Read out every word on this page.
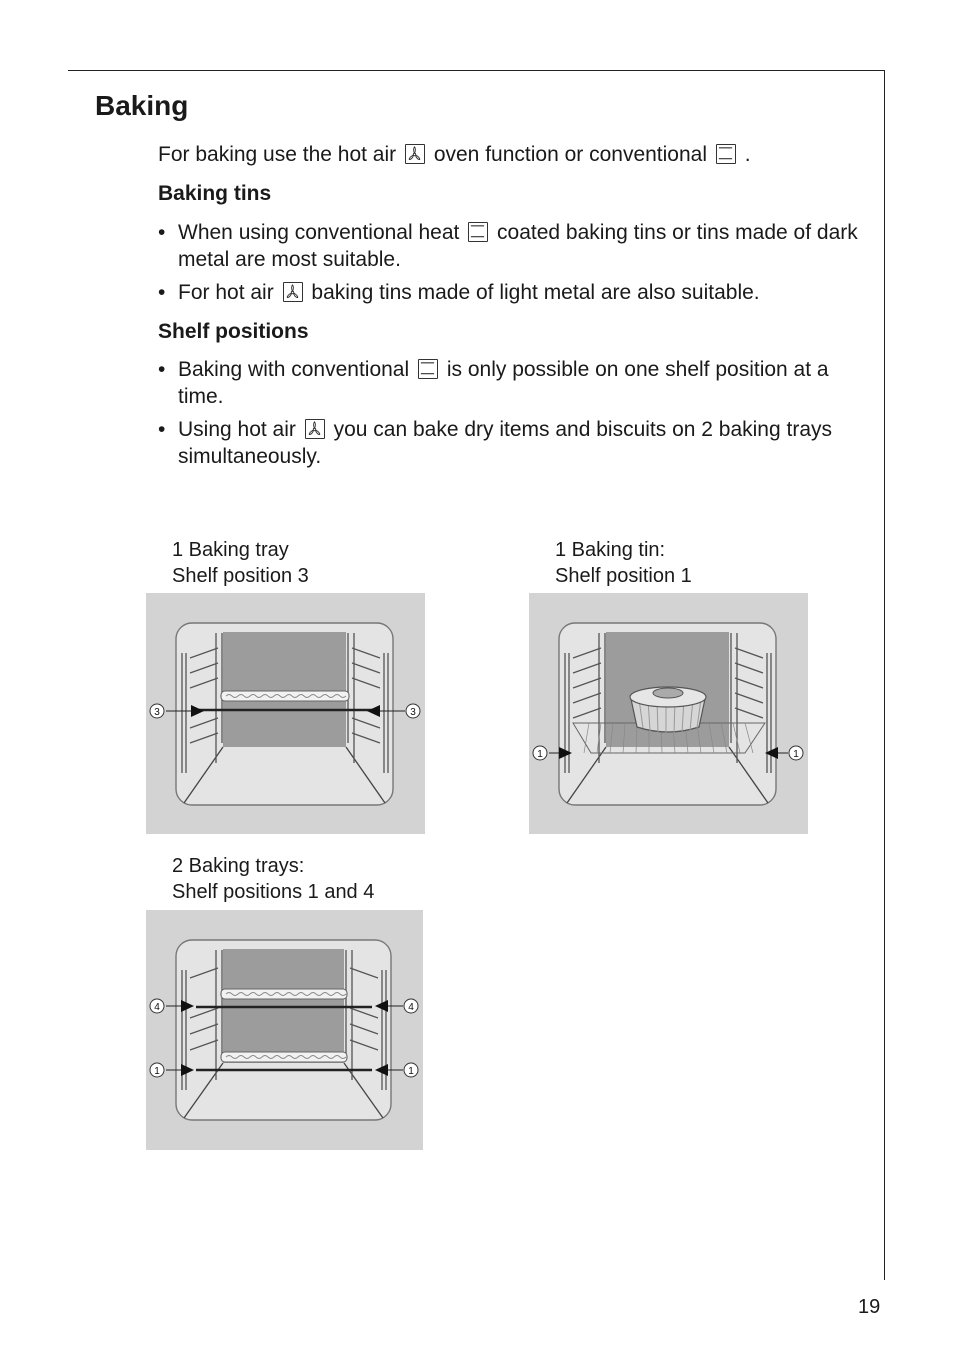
Baking
For baking use the hot air oven function or conventional .
Baking tins
• When using conventional heat coated baking tins or tins made of dark metal are most suitable.
• For hot air baking tins made of light metal are also suitable.
Shelf positions
• Baking with conventional is only possible on one shelf position at a time.
• Using hot air you can bake dry items and biscuits on 2 baking trays simultaneously.
1 Baking tray
Shelf position 3
1 Baking tin:
Shelf position 1
2 Baking trays:
Shelf positions 1 and 4
3	3
1	1
4	4
1	1
19
